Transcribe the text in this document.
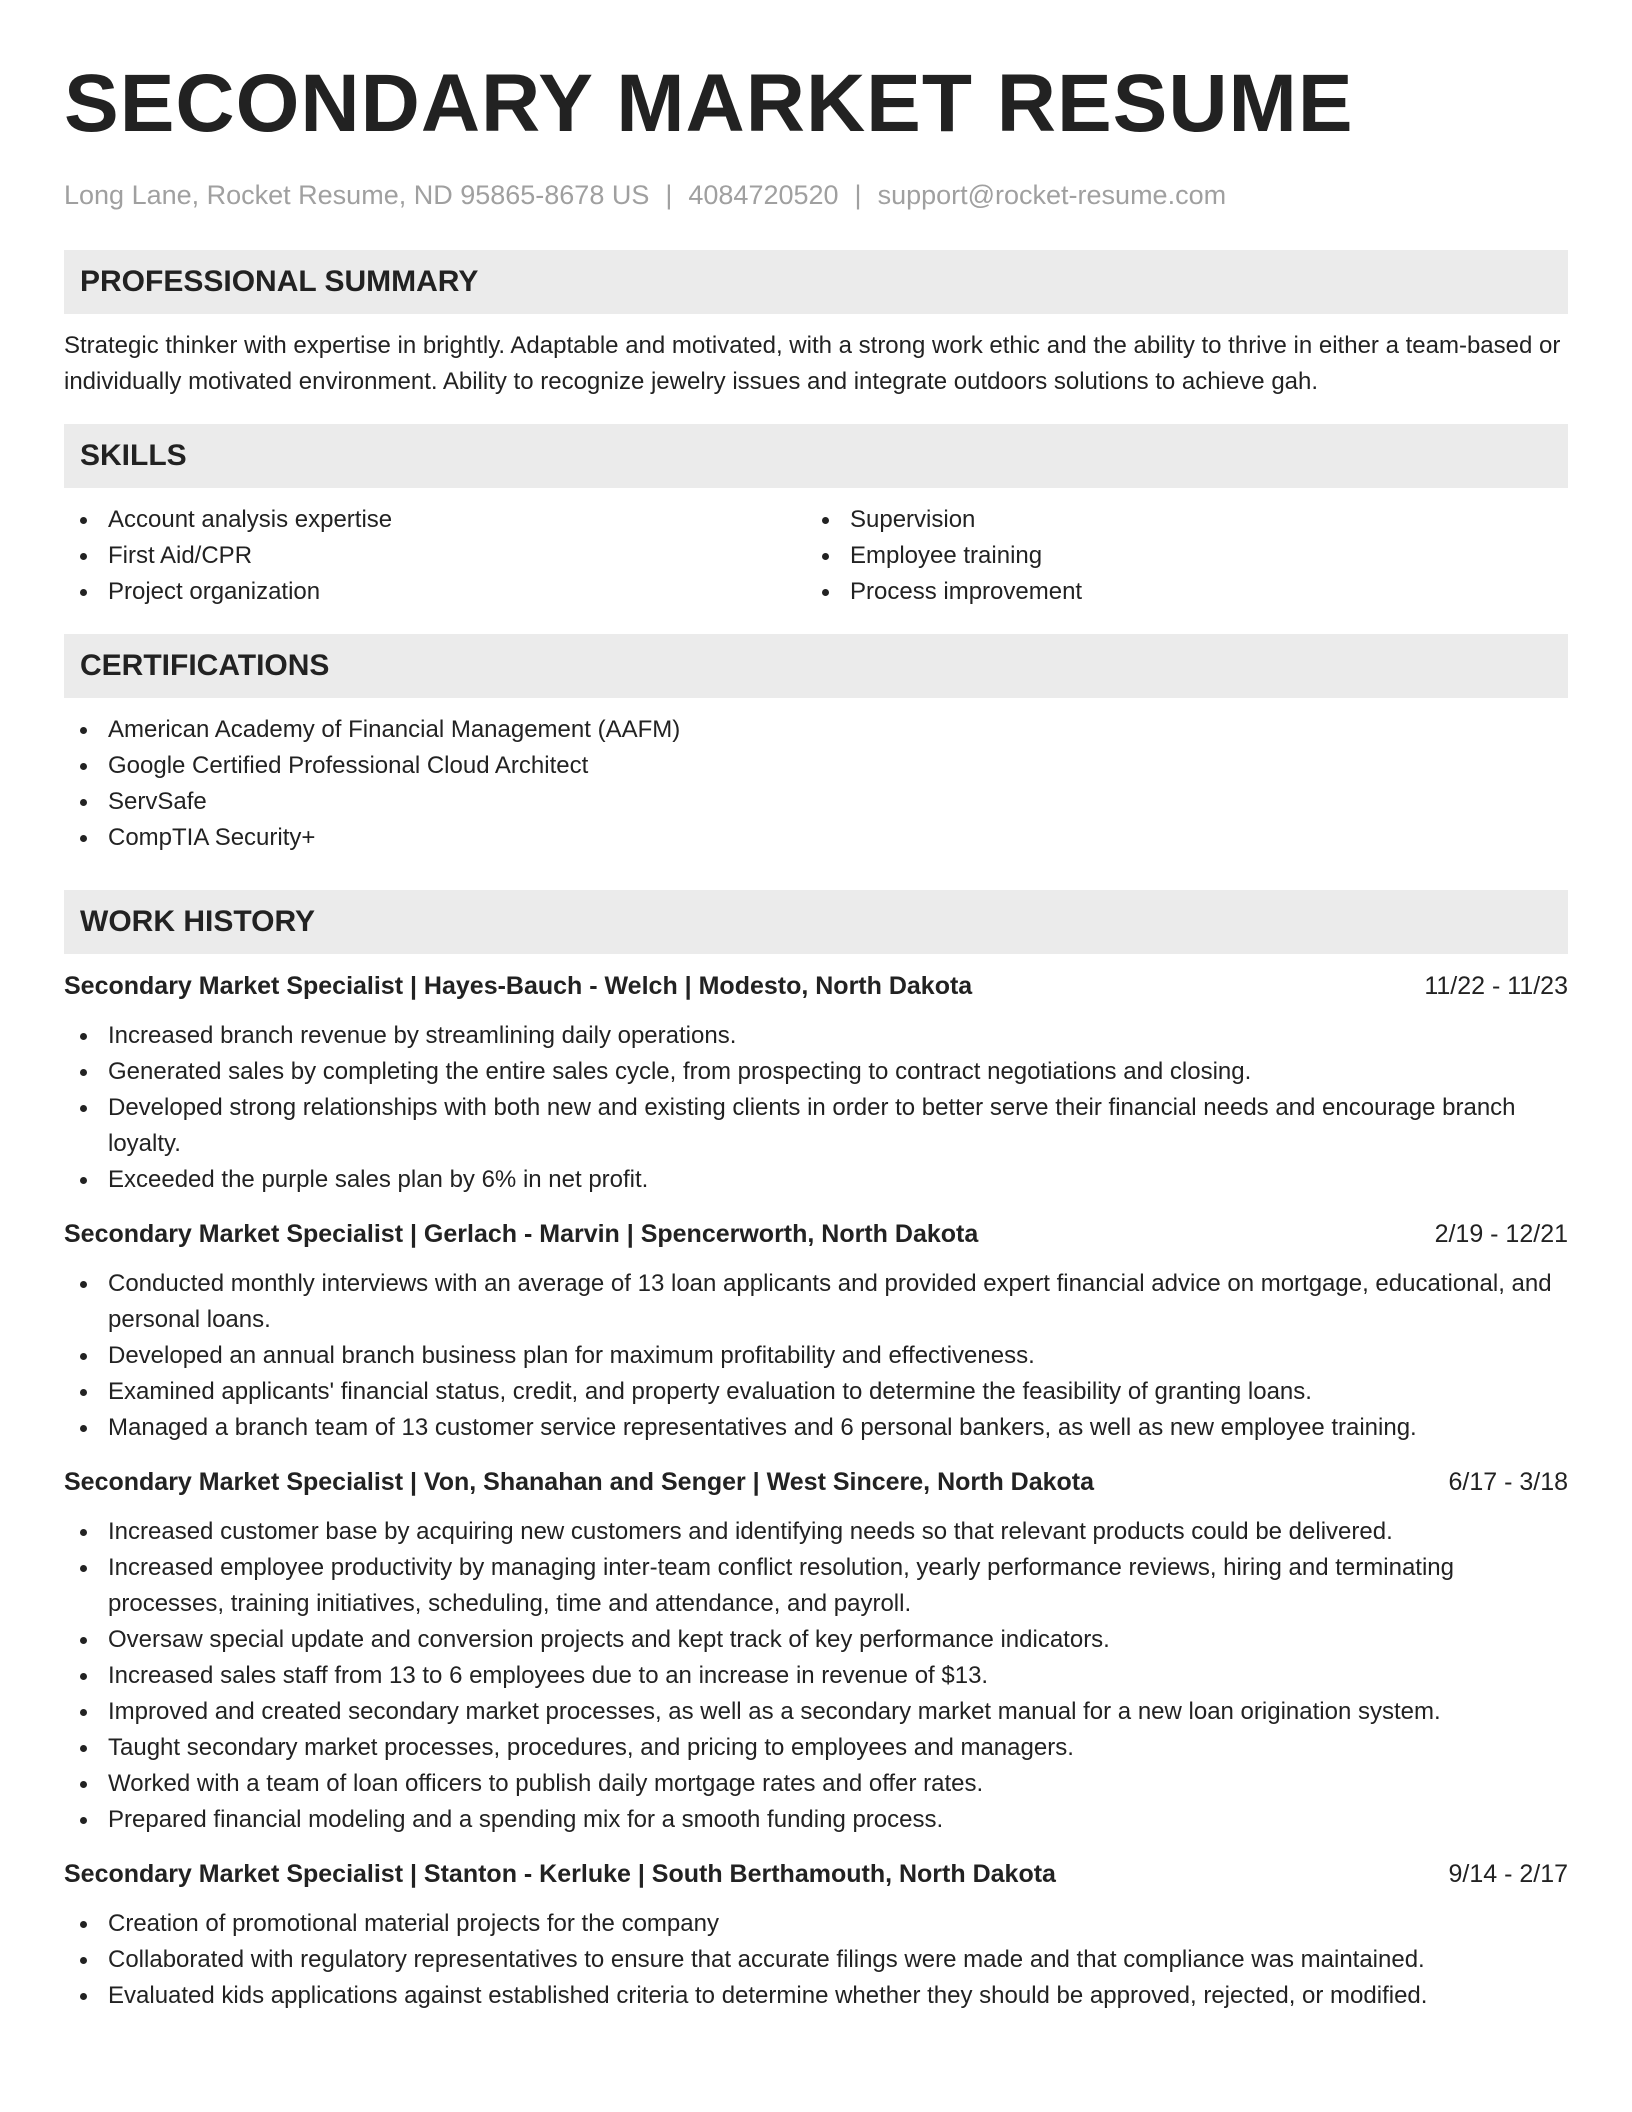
SECONDARY MARKET RESUME
Long Lane, Rocket Resume, ND 95865-8678 US | 4084720520 | support@rocket-resume.com
PROFESSIONAL SUMMARY
Strategic thinker with expertise in brightly. Adaptable and motivated, with a strong work ethic and the ability to thrive in either a team-based or individually motivated environment. Ability to recognize jewelry issues and integrate outdoors solutions to achieve gah.
SKILLS
Account analysis expertise
First Aid/CPR
Project organization
Supervision
Employee training
Process improvement
CERTIFICATIONS
American Academy of Financial Management (AAFM)
Google Certified Professional Cloud Architect
ServSafe
CompTIA Security+
WORK HISTORY
Secondary Market Specialist | Hayes-Bauch - Welch | Modesto, North Dakota	11/22 - 11/23
Increased branch revenue by streamlining daily operations.
Generated sales by completing the entire sales cycle, from prospecting to contract negotiations and closing.
Developed strong relationships with both new and existing clients in order to better serve their financial needs and encourage branch loyalty.
Exceeded the purple sales plan by 6% in net profit.
Secondary Market Specialist | Gerlach - Marvin | Spencerworth, North Dakota	2/19 - 12/21
Conducted monthly interviews with an average of 13 loan applicants and provided expert financial advice on mortgage, educational, and personal loans.
Developed an annual branch business plan for maximum profitability and effectiveness.
Examined applicants' financial status, credit, and property evaluation to determine the feasibility of granting loans.
Managed a branch team of 13 customer service representatives and 6 personal bankers, as well as new employee training.
Secondary Market Specialist | Von, Shanahan and Senger | West Sincere, North Dakota	6/17 - 3/18
Increased customer base by acquiring new customers and identifying needs so that relevant products could be delivered.
Increased employee productivity by managing inter-team conflict resolution, yearly performance reviews, hiring and terminating processes, training initiatives, scheduling, time and attendance, and payroll.
Oversaw special update and conversion projects and kept track of key performance indicators.
Increased sales staff from 13 to 6 employees due to an increase in revenue of $13.
Improved and created secondary market processes, as well as a secondary market manual for a new loan origination system.
Taught secondary market processes, procedures, and pricing to employees and managers.
Worked with a team of loan officers to publish daily mortgage rates and offer rates.
Prepared financial modeling and a spending mix for a smooth funding process.
Secondary Market Specialist | Stanton - Kerluke | South Berthamouth, North Dakota	9/14 - 2/17
Creation of promotional material projects for the company
Collaborated with regulatory representatives to ensure that accurate filings were made and that compliance was maintained.
Evaluated kids applications against established criteria to determine whether they should be approved, rejected, or modified.
